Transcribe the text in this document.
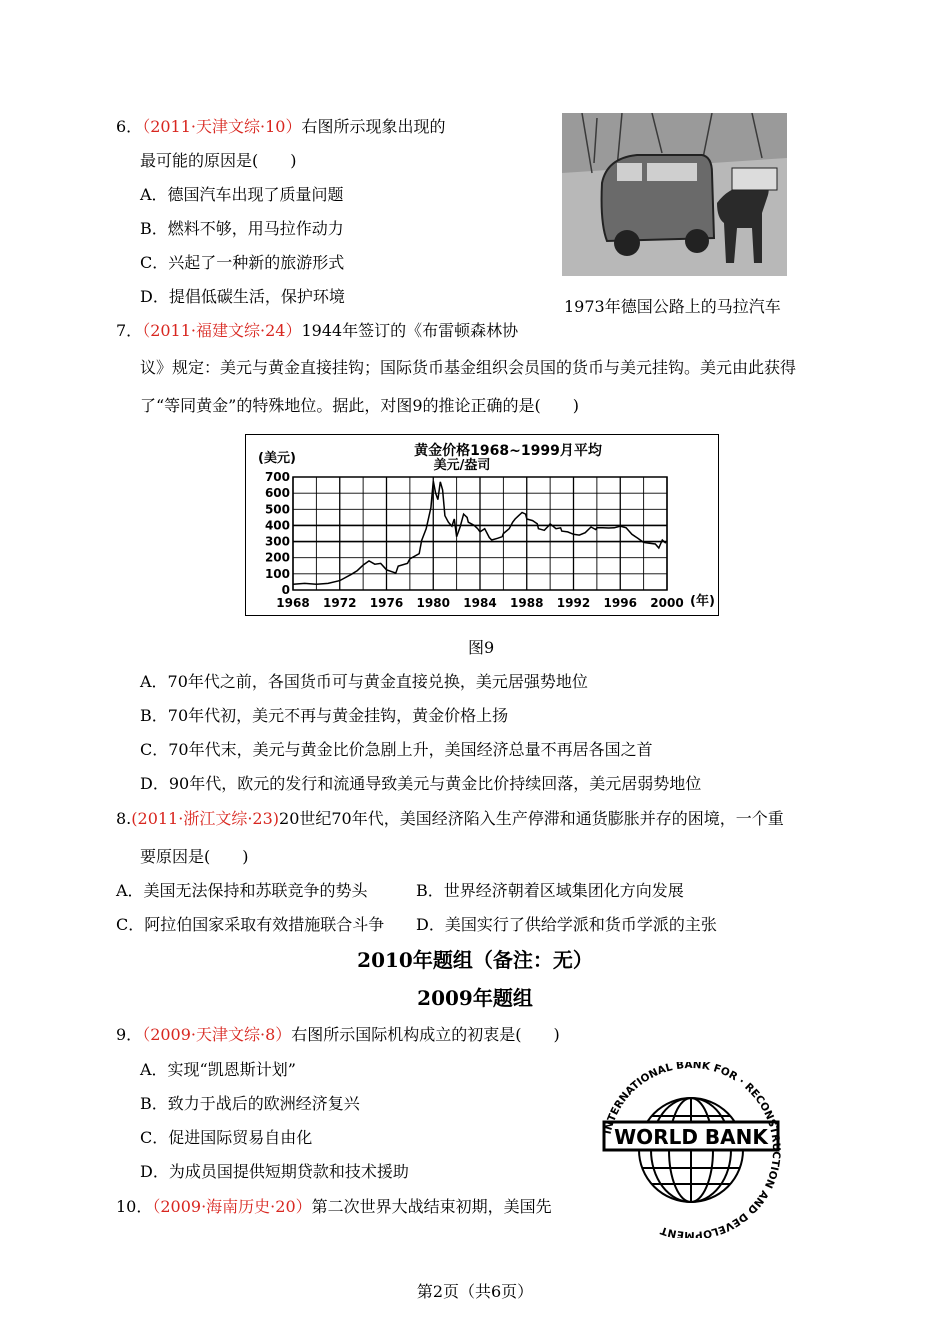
6．（2011·天津文综·10）右图所示现象出现的
最可能的原因是(　　)
A．德国汽车出现了质量问题
B．燃料不够，用马拉作动力
C．兴起了一种新的旅游形式
D．提倡低碳生活，保护环境
1973年德国公路上的马拉汽车
7．（2011·福建文综·24）1944年签订的《布雷顿森林协
议》规定：美元与黄金直接挂钩；国际货币基金组织会员国的货币与美元挂钩。美元由此获得
了“等同黄金”的特殊地位。据此，对图9的推论正确的是(　　)
0
100
200
300
400
500
600
700
1968 1972 1976 1980 1984 1988 1992 1996 2000
黄金价格1968~1999月平均
美元/盎司
(美元)
(年)
图9
A．70年代之前，各国货币可与黄金直接兑换，美元居强势地位
B．70年代初，美元不再与黄金挂钩，黄金价格上扬
C．70年代末，美元与黄金比价急剧上升，美国经济总量不再居各国之首
D．90年代，欧元的发行和流通导致美元与黄金比价持续回落，美元居弱势地位
8.(2011·浙江文综·23)20世纪70年代，美国经济陷入生产停滞和通货膨胀并存的困境，一个重
要原因是(　　)
A．美国无法保持和苏联竞争的势头	B．世界经济朝着区域集团化方向发展
C．阿拉伯国家采取有效措施联合斗争 D．美国实行了供给学派和货币学派的主张
2010年题组（备注：无）
2009年题组
9．（2009·天津文综·8）右图所示国际机构成立的初衷是(　　)
A．实现“凯恩斯计划”
B．致力于战后的欧洲经济复兴
C．促进国际贸易自由化
D．为成员国提供短期贷款和技术援助
WORLD BANK
INTERNATIONAL BANK FOR · RECONSTRUCTION AND DEVELOPMENT
10．（2009·海南历史·20）第二次世界大战结束初期，美国先
第2页（共6页）
